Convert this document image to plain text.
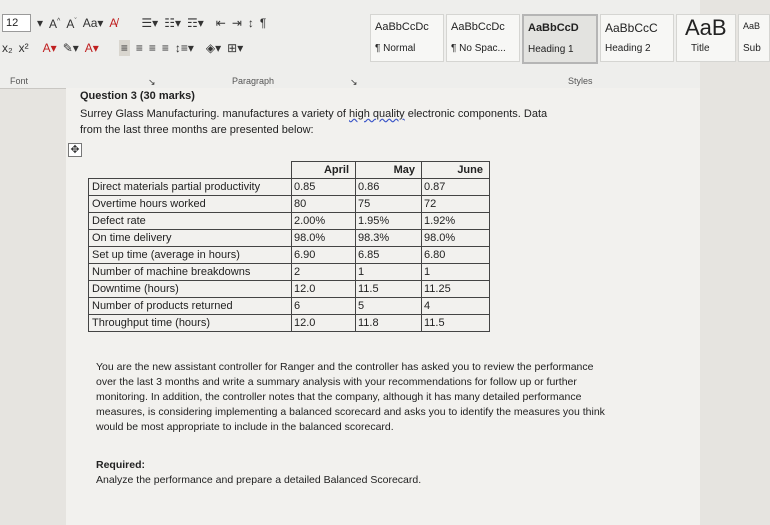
12	▾ A^ $A^ˇ$ Aa▾ A̸ ☰▾ ☷▾ ☶▾ ⇤ ⇥ ↕ ¶
x₂ x² A▾ ✎▾ A▾ ≡ ≡ ≡ ≡ ↕≡▾ ◈▾ ⊞▾
AaBbCcDc
¶ Normal
AaBbCcDc
¶ No Spac...
AaBbCcD
Heading 1
AaBbCcC
Heading 2
AaB
Title
AaB
Sub
Font	↘	Paragraph	↘	Styles
Question 3 (30 marks)
Surrey Glass Manufacturing. manufactures a variety of high quality electronic components. Data
from the last three months are presented below:
✥
	April	May	June
Direct materials partial productivity	0.85	0.86	0.87
Overtime hours worked	80	75	72
Defect rate	2.00%	1.95%	1.92%
On time delivery	98.0%	98.3%	98.0%
Set up time (average in hours)	6.90	6.85	6.80
Number of machine breakdowns	2	1	1
Downtime (hours)	12.0	11.5	11.25
Number of products returned	6	5	4
Throughput time (hours)	12.0	11.8	11.5
You are the new assistant controller for Ranger and the controller has asked you to review the performance over the last 3 months and write a summary analysis with your recommendations for follow up or further monitoring. In addition, the controller notes that the company, although it has many detailed performance measures, is considering implementing a balanced scorecard and asks you to identify the measures you think would be most appropriate to include in the balanced scorecard.
Required:
Analyze the performance and prepare a detailed Balanced Scorecard.
